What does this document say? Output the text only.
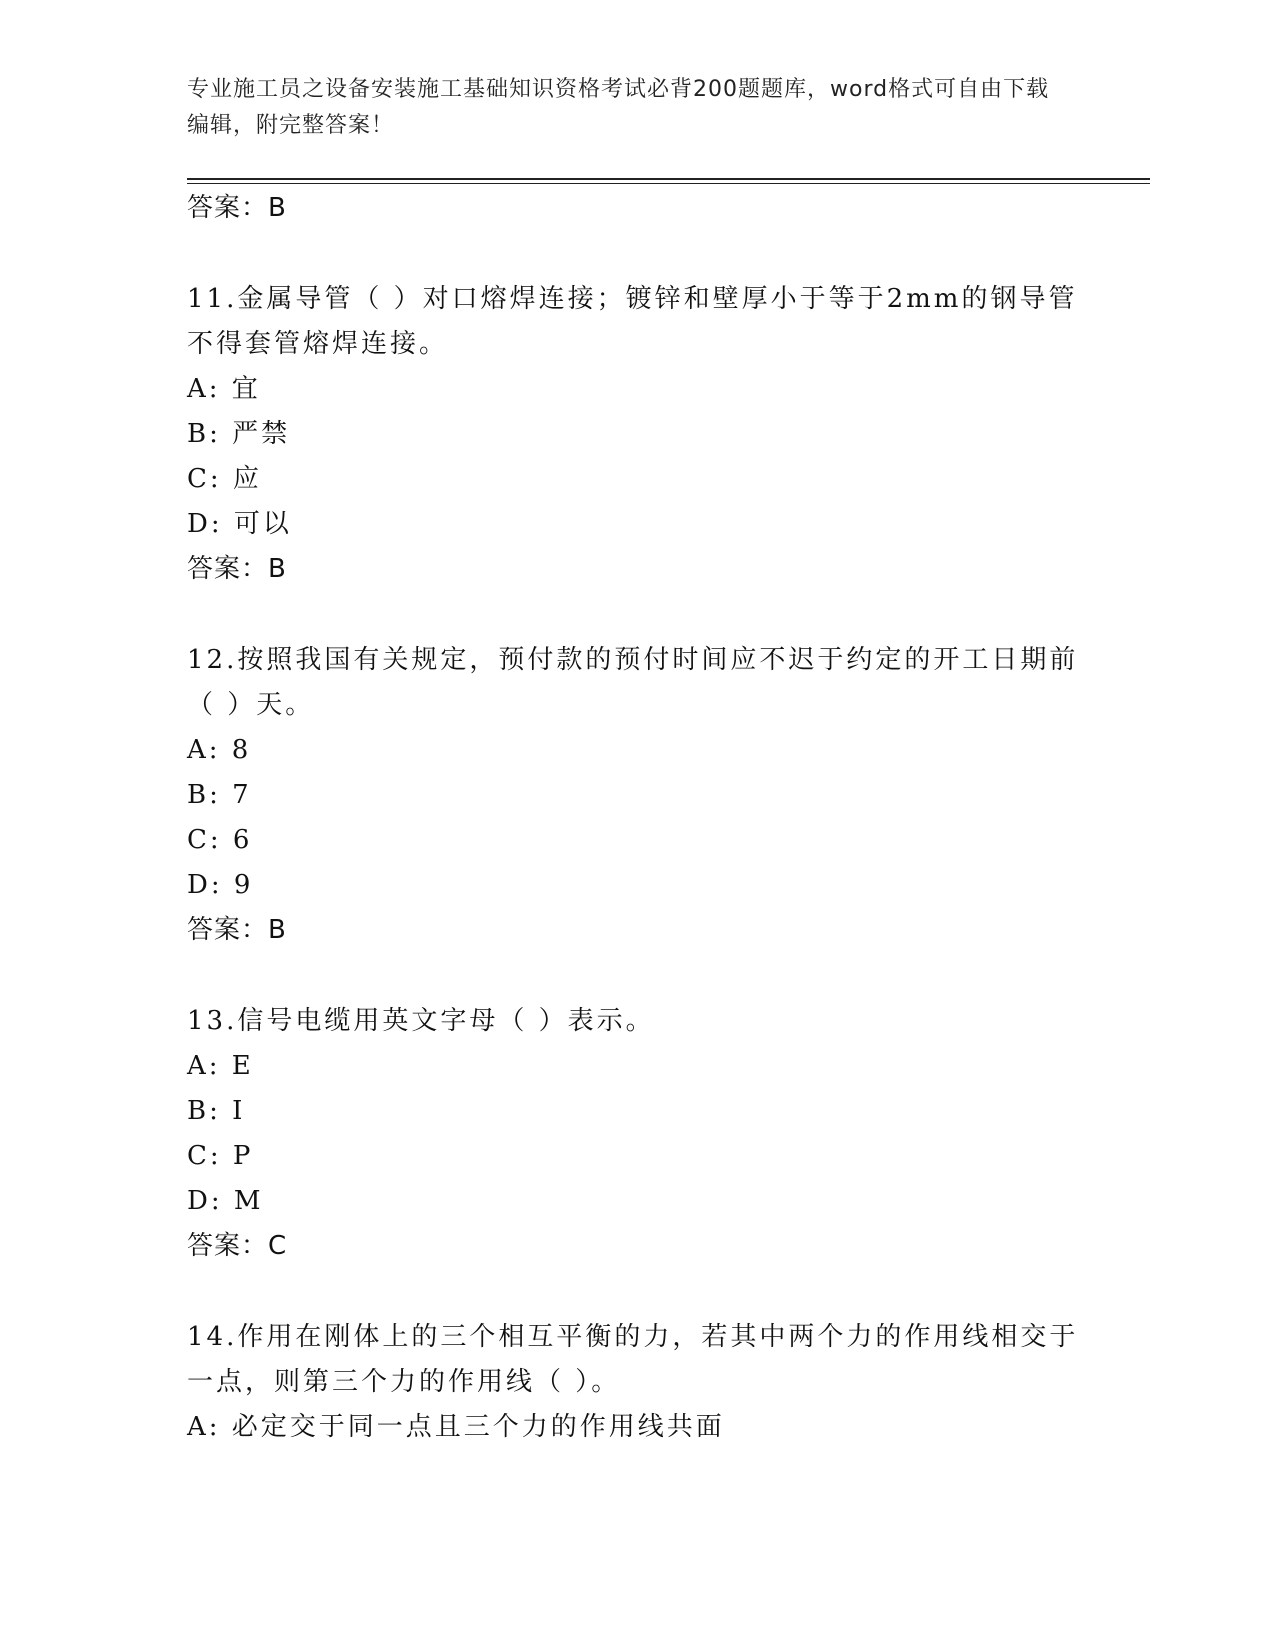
专业施工员之设备安装施工基础知识资格考试必背200题题库，word格式可自由下载编辑，附完整答案！
答案：B
11.金属导管（ ）对口熔焊连接；镀锌和壁厚小于等于2mm的钢导管不得套管熔焊连接。
A: 宜
B: 严禁
C: 应
D: 可以
答案：B
12.按照我国有关规定，预付款的预付时间应不迟于约定的开工日期前（ ）天。
A: 8
B: 7
C: 6
D: 9
答案：B
13.信号电缆用英文字母（ ）表示。
A: E
B: I
C: P
D: M
答案：C
14.作用在刚体上的三个相互平衡的力，若其中两个力的作用线相交于一点，则第三个力的作用线（ ）。
A: 必定交于同一点且三个力的作用线共面
